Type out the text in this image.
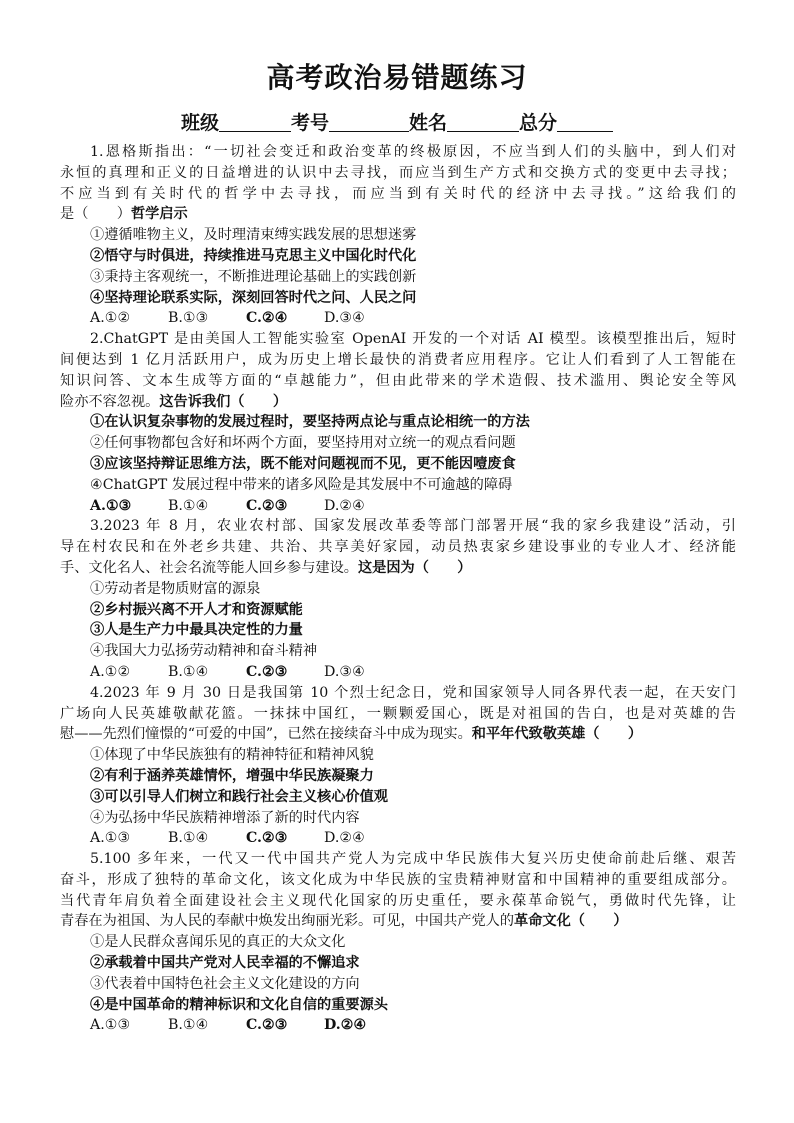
高考政治易错题练习
班级	考号	姓名	总分
1.恩格斯指出：“一切社会变迁和政治变革的终极原因，不应当到人们的头脑中，到人们对
永恒的真理和正义的日益增进的认识中去寻找，而应当到生产方式和交换方式的变更中去寻找；
不应当到有关时代的哲学中去寻找，而应当到有关时代的经济中去寻找。”这给我们的
是（　　）哲学启示
①遵循唯物主义，及时理清束缚实践发展的思想迷雾
②悟守与时俱进，持续推进马克思主义中国化时代化
③秉持主客观统一，不断推进理论基础上的实践创新
④坚持理论联系实际，深刻回答时代之问、人民之问
A.①②	B.①③	C.②④	D.③④
2.ChatGPT 是由美国人工智能实验室 OpenAI 开发的一个对话 AI 模型。该模型推出后，短时
间便达到 1 亿月活跃用户，成为历史上增长最快的消费者应用程序。它让人们看到了人工智能在
知识问答、文本生成等方面的“卓越能力”，但由此带来的学术造假、技术滥用、舆论安全等风
险亦不容忽视。这告诉我们（　　）
①在认识复杂事物的发展过程时，要坚持两点论与重点论相统一的方法
②任何事物都包含好和坏两个方面，要坚持用对立统一的观点看问题
③应该坚持辩证思维方法，既不能对问题视而不见，更不能因噎废食
④ChatGPT 发展过程中带来的诸多风险是其发展中不可逾越的障碍
A.①③	B.①④	C.②③	D.②④
3.2023 年 8 月，农业农村部、国家发展改革委等部门部署开展“我的家乡我建设”活动，引
导在村农民和在外老乡共建、共治、共享美好家园，动员热衷家乡建设事业的专业人才、经济能
手、文化名人、社会名流等能人回乡参与建设。这是因为（　　）
①劳动者是物质财富的源泉
②乡村振兴离不开人才和资源赋能
③人是生产力中最具决定性的力量
④我国大力弘扬劳动精神和奋斗精神
A.①②	B.①④	C.②③	D.③④
4.2023 年 9 月 30 日是我国第 10 个烈士纪念日，党和国家领导人同各界代表一起，在天安门
广场向人民英雄敬献花篮。一抹抹中国红，一颗颗爱国心，既是对祖国的告白，也是对英雄的告
慰——先烈们憧憬的“可爱的中国”，已然在接续奋斗中成为现实。和平年代致敬英雄（　　）
①体现了中华民族独有的精神特征和精神风貌
②有利于涵养英雄情怀，增强中华民族凝聚力
③可以引导人们树立和践行社会主义核心价值观
④为弘扬中华民族精神增添了新的时代内容
A.①③	B.①④	C.②③	D.②④
5.100 多年来，一代又一代中国共产党人为完成中华民族伟大复兴历史使命前赴后继、艰苦
奋斗，形成了独特的革命文化，该文化成为中华民族的宝贵精神财富和中国精神的重要组成部分。
当代青年肩负着全面建设社会主义现代化国家的历史重任，要永葆革命锐气，勇做时代先锋，让
青春在为祖国、为人民的奉献中焕发出绚丽光彩。可见，中国共产党人的革命文化（　　）
①是人民群众喜闻乐见的真正的大众文化
②承载着中国共产党对人民幸福的不懈追求
③代表着中国特色社会主义文化建设的方向
④是中国革命的精神标识和文化自信的重要源头
A.①③	B.①④	C.②③	D.②④
